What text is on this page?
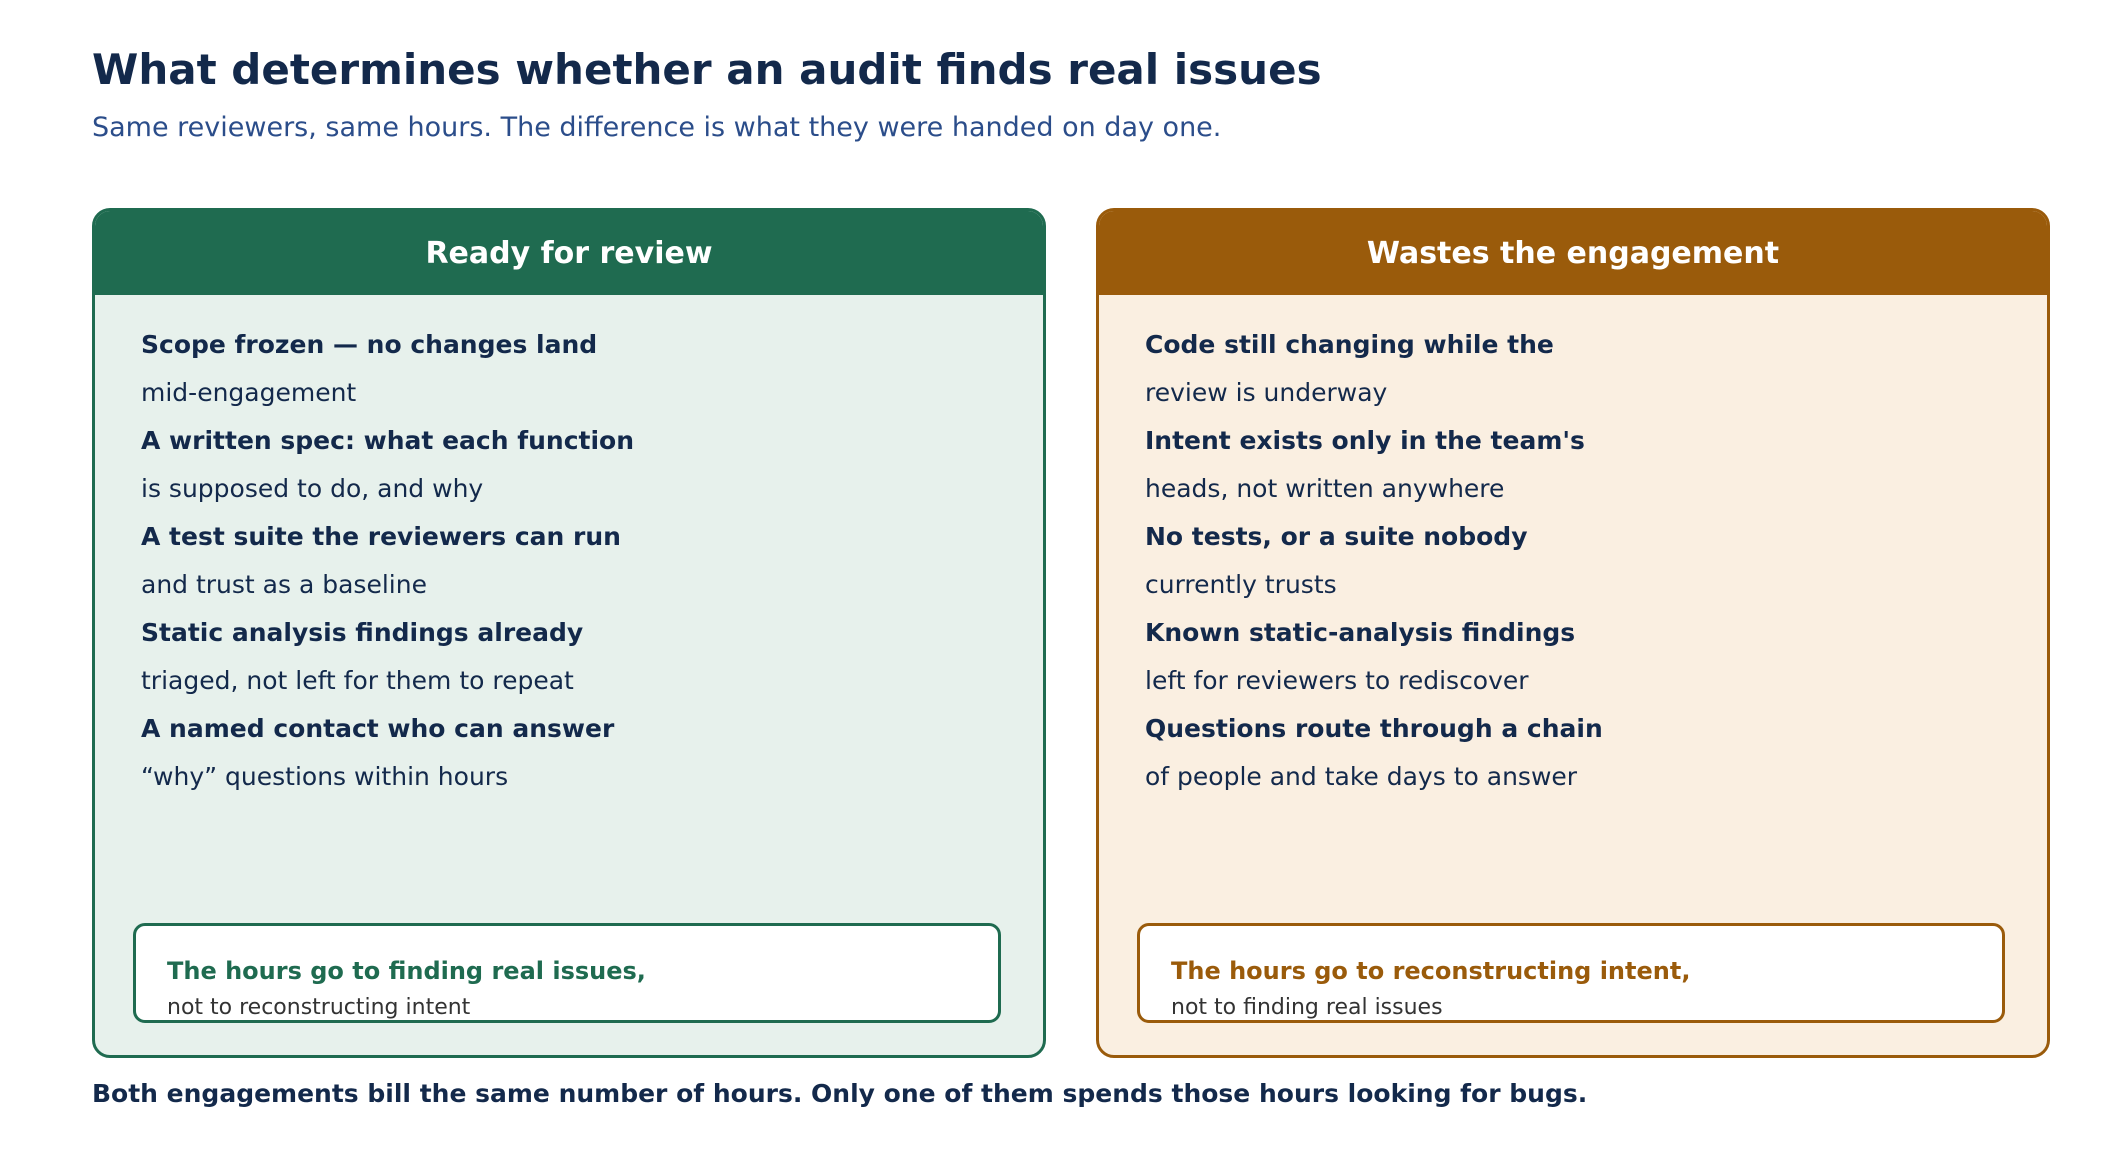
What determines whether an audit finds real issues

Same reviewers, same hours. The difference is what they were handed on day one.

Ready for review
Scope frozen — no changes land
mid-engagement
A written spec: what each function
is supposed to do, and why
A test suite the reviewers can run
and trust as a baseline
Static analysis findings already
triaged, not left for them to repeat
A named contact who can answer
“why” questions within hours
The hours go to finding real issues,
not to reconstructing intent
Wastes the engagement
Code still changing while the
review is underway
Intent exists only in the team's
heads, not written anywhere
No tests, or a suite nobody
currently trusts
Known static-analysis findings
left for reviewers to rediscover
Questions route through a chain
of people and take days to answer
The hours go to reconstructing intent,
not to finding real issues

Both engagements bill the same number of hours. Only one of them spends those hours looking for bugs.
